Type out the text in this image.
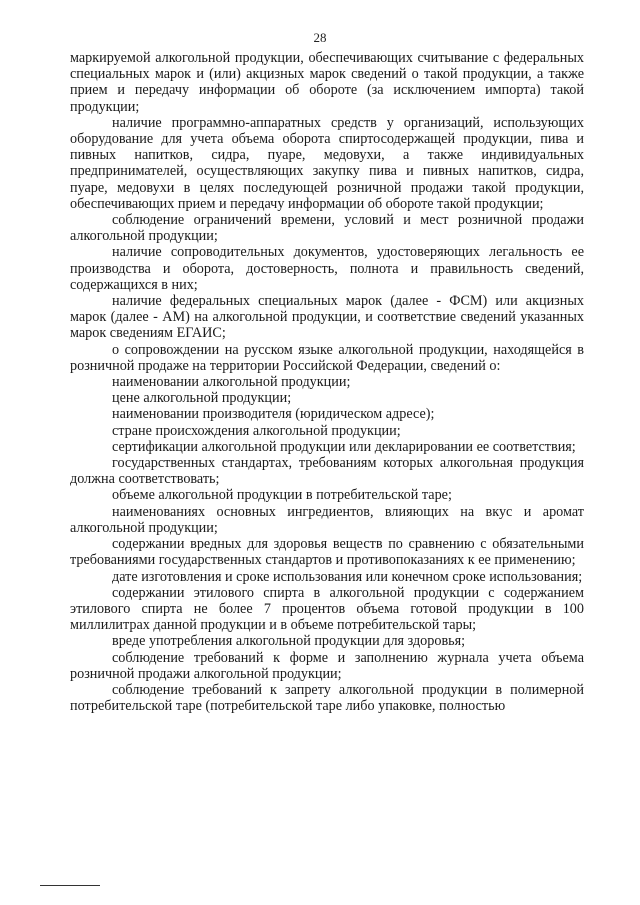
28

маркируемой алкогольной продукции, обеспечивающих считывание с федеральных специальных марок и (или) акцизных марок сведений о такой продукции, а также прием и передачу информации об обороте (за исключением импорта) такой продукции;

наличие программно-аппаратных средств у организаций, использующих оборудование для учета объема оборота спиртосодержащей продукции, пива и пивных напитков, сидра, пуаре, медовухи, а также индивидуальных предпринимателей, осуществляющих закупку пива и пивных напитков, сидра, пуаре, медовухи в целях последующей розничной продажи такой продукции, обеспечивающих прием и передачу информации об обороте такой продукции;

соблюдение ограничений времени, условий и мест розничной продажи алкогольной продукции;

наличие сопроводительных документов, удостоверяющих легальность ее производства и оборота, достоверность, полнота и правильность сведений, содержащихся в них;

наличие федеральных специальных марок (далее - ФСМ) или акцизных марок (далее - АМ) на алкогольной продукции, и соответствие сведений указанных марок сведениям ЕГАИС;

о сопровождении на русском языке алкогольной продукции, находящейся в розничной продаже на территории Российской Федерации, сведений о:

наименовании алкогольной продукции;

цене алкогольной продукции;

наименовании производителя (юридическом адресе);

стране происхождения алкогольной продукции;

сертификации алкогольной продукции или декларировании ее соответствия;

государственных стандартах, требованиям которых алкогольная продукция должна соответствовать;

объеме алкогольной продукции в потребительской таре;

наименованиях основных ингредиентов, влияющих на вкус и аромат алкогольной продукции;

содержании вредных для здоровья веществ по сравнению с обязательными требованиями государственных стандартов и противопоказаниях к ее применению;

дате изготовления и сроке использования или конечном сроке использования;

содержании этилового спирта в алкогольной продукции с содержанием этилового спирта не более 7 процентов объема готовой продукции в 100 миллилитрах данной продукции и в объеме потребительской тары;

вреде употребления алкогольной продукции для здоровья;

соблюдение требований к форме и заполнению журнала учета объема розничной продажи алкогольной продукции;

соблюдение требований к запрету алкогольной продукции в полимерной потребительской таре (потребительской таре либо упаковке, полностью
